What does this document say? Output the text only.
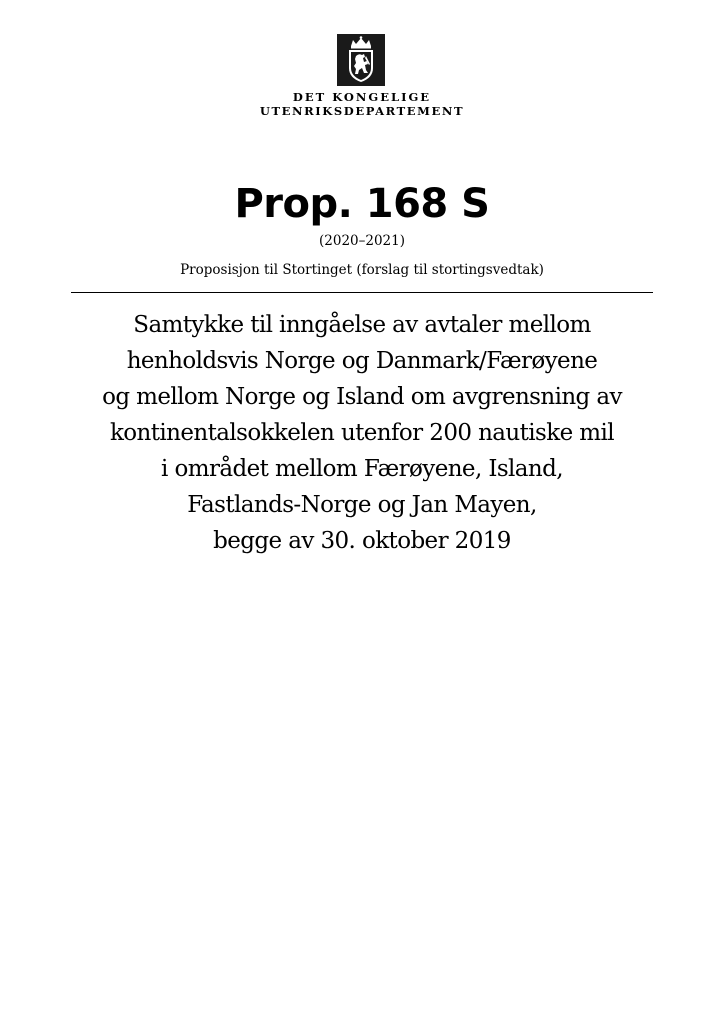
DET KONGELIGE
UTENRIKSDEPARTEMENT
Prop. 168 S
(2020–2021)
Proposisjon til Stortinget (forslag til stortingsvedtak)
Samtykke til inngåelse av avtaler mellom
henholdsvis Norge og Danmark/Færøyene
og mellom Norge og Island om avgrensning av
kontinentalsokkelen utenfor 200 nautiske mil
i området mellom Færøyene, Island,
Fastlands-Norge og Jan Mayen,
begge av 30. oktober 2019
